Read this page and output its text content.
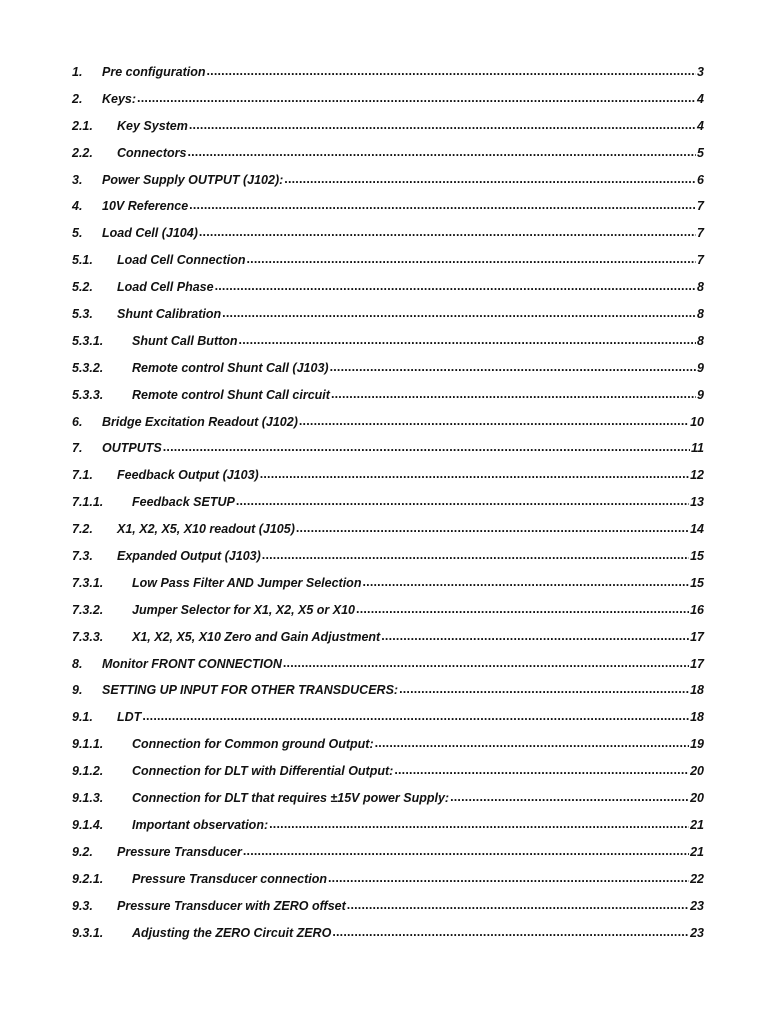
1.	Pre configuration .....	3
2.	Keys: .....	4
2.1.	Key System .....	4
2.2.	Connectors .....	5
3.	Power Supply OUTPUT (J102): .....	6
4.	10V Reference .....	7
5.	Load Cell (J104) .....	7
5.1.	Load Cell Connection .....	7
5.2.	Load Cell Phase .....	8
5.3.	Shunt Calibration .....	8
5.3.1.	Shunt Call Button .....	8
5.3.2.	Remote control Shunt Call (J103) .....	9
5.3.3.	Remote control Shunt Call circuit .....	9
6.	Bridge Excitation Readout (J102) .....	10
7.	OUTPUTS .....	11
7.1.	Feedback Output (J103) .....	12
7.1.1.	Feedback SETUP .....	13
7.2.	X1, X2, X5, X10 readout (J105) .....	14
7.3.	Expanded Output (J103) .....	15
7.3.1.	Low Pass Filter AND Jumper Selection .....	15
7.3.2.	Jumper Selector for X1, X2, X5 or X10 .....	16
7.3.3.	X1, X2, X5, X10 Zero and Gain Adjustment .....	17
8.	Monitor FRONT CONNECTION .....	17
9.	SETTING UP INPUT FOR OTHER TRANSDUCERS: .....	18
9.1.	LDT .....	18
9.1.1.	Connection for Common ground Output: .....	19
9.1.2.	Connection for DLT with Differential Output: .....	20
9.1.3.	Connection for DLT that requires ±15V power Supply: .....	20
9.1.4.	Important observation: .....	21
9.2.	Pressure Transducer .....	21
9.2.1.	Pressure Transducer connection .....	22
9.3.	Pressure Transducer with ZERO offset .....	23
9.3.1.	Adjusting the ZERO Circuit ZERO .....	23
